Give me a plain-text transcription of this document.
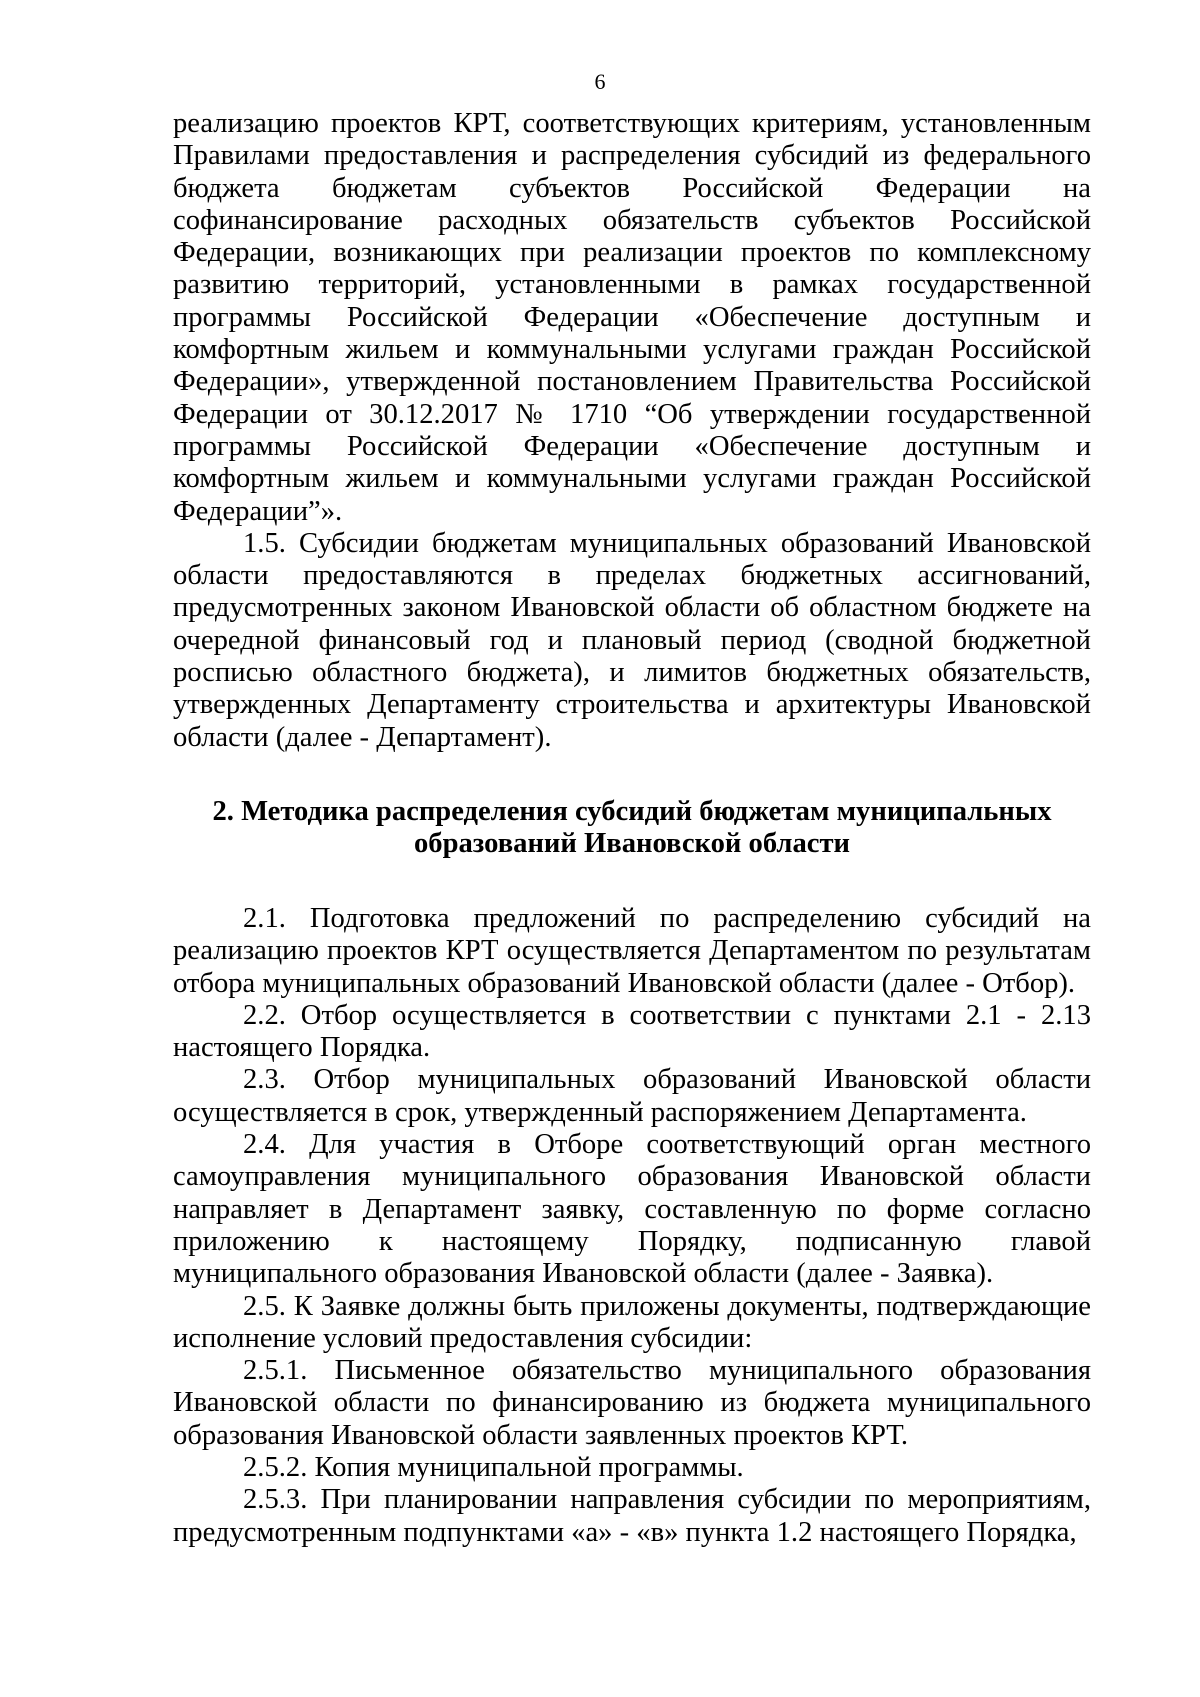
6

реализацию проектов КРТ, соответствующих критериям, установленным Правилами предоставления и распределения субсидий из федерального бюджета бюджетам субъектов Российской Федерации на софинансирование расходных обязательств субъектов Российской Федерации, возникающих при реализации проектов по комплексному развитию территорий, установленными в рамках государственной программы Российской Федерации «Обеспечение доступным и комфортным жильем и коммунальными услугами граждан Российской Федерации», утвержденной постановлением Правительства Российской Федерации от 30.12.2017 № 1710 “Об утверждении государственной программы Российской Федерации «Обеспечение доступным и комфортным жильем и коммунальными услугами граждан Российской Федерации”».

1.5. Субсидии бюджетам муниципальных образований Ивановской области предоставляются в пределах бюджетных ассигнований, предусмотренных законом Ивановской области об областном бюджете на очередной финансовый год и плановый период (сводной бюджетной росписью областного бюджета), и лимитов бюджетных обязательств, утвержденных Департаменту строительства и архитектуры Ивановской области (далее - Департамент).

2. Методика распределения субсидий бюджетам муниципальных
образований Ивановской области

2.1. Подготовка предложений по распределению субсидий на реализацию проектов КРТ осуществляется Департаментом по результатам отбора муниципальных образований Ивановской области (далее - Отбор).

2.2. Отбор осуществляется в соответствии с пунктами 2.1 - 2.13 настоящего Порядка.

2.3. Отбор муниципальных образований Ивановской области осуществляется в срок, утвержденный распоряжением Департамента.

2.4. Для участия в Отборе соответствующий орган местного самоуправления муниципального образования Ивановской области направляет в Департамент заявку, составленную по форме согласно приложению к настоящему Порядку, подписанную главой муниципального образования Ивановской области (далее - Заявка).

2.5. К Заявке должны быть приложены документы, подтверждающие исполнение условий предоставления субсидии:

2.5.1. Письменное обязательство муниципального образования Ивановской области по финансированию из бюджета муниципального образования Ивановской области заявленных проектов КРТ.

2.5.2. Копия муниципальной программы.

2.5.3. При планировании направления субсидии по мероприятиям, предусмотренным подпунктами «а» - «в» пункта 1.2 настоящего Порядка,
